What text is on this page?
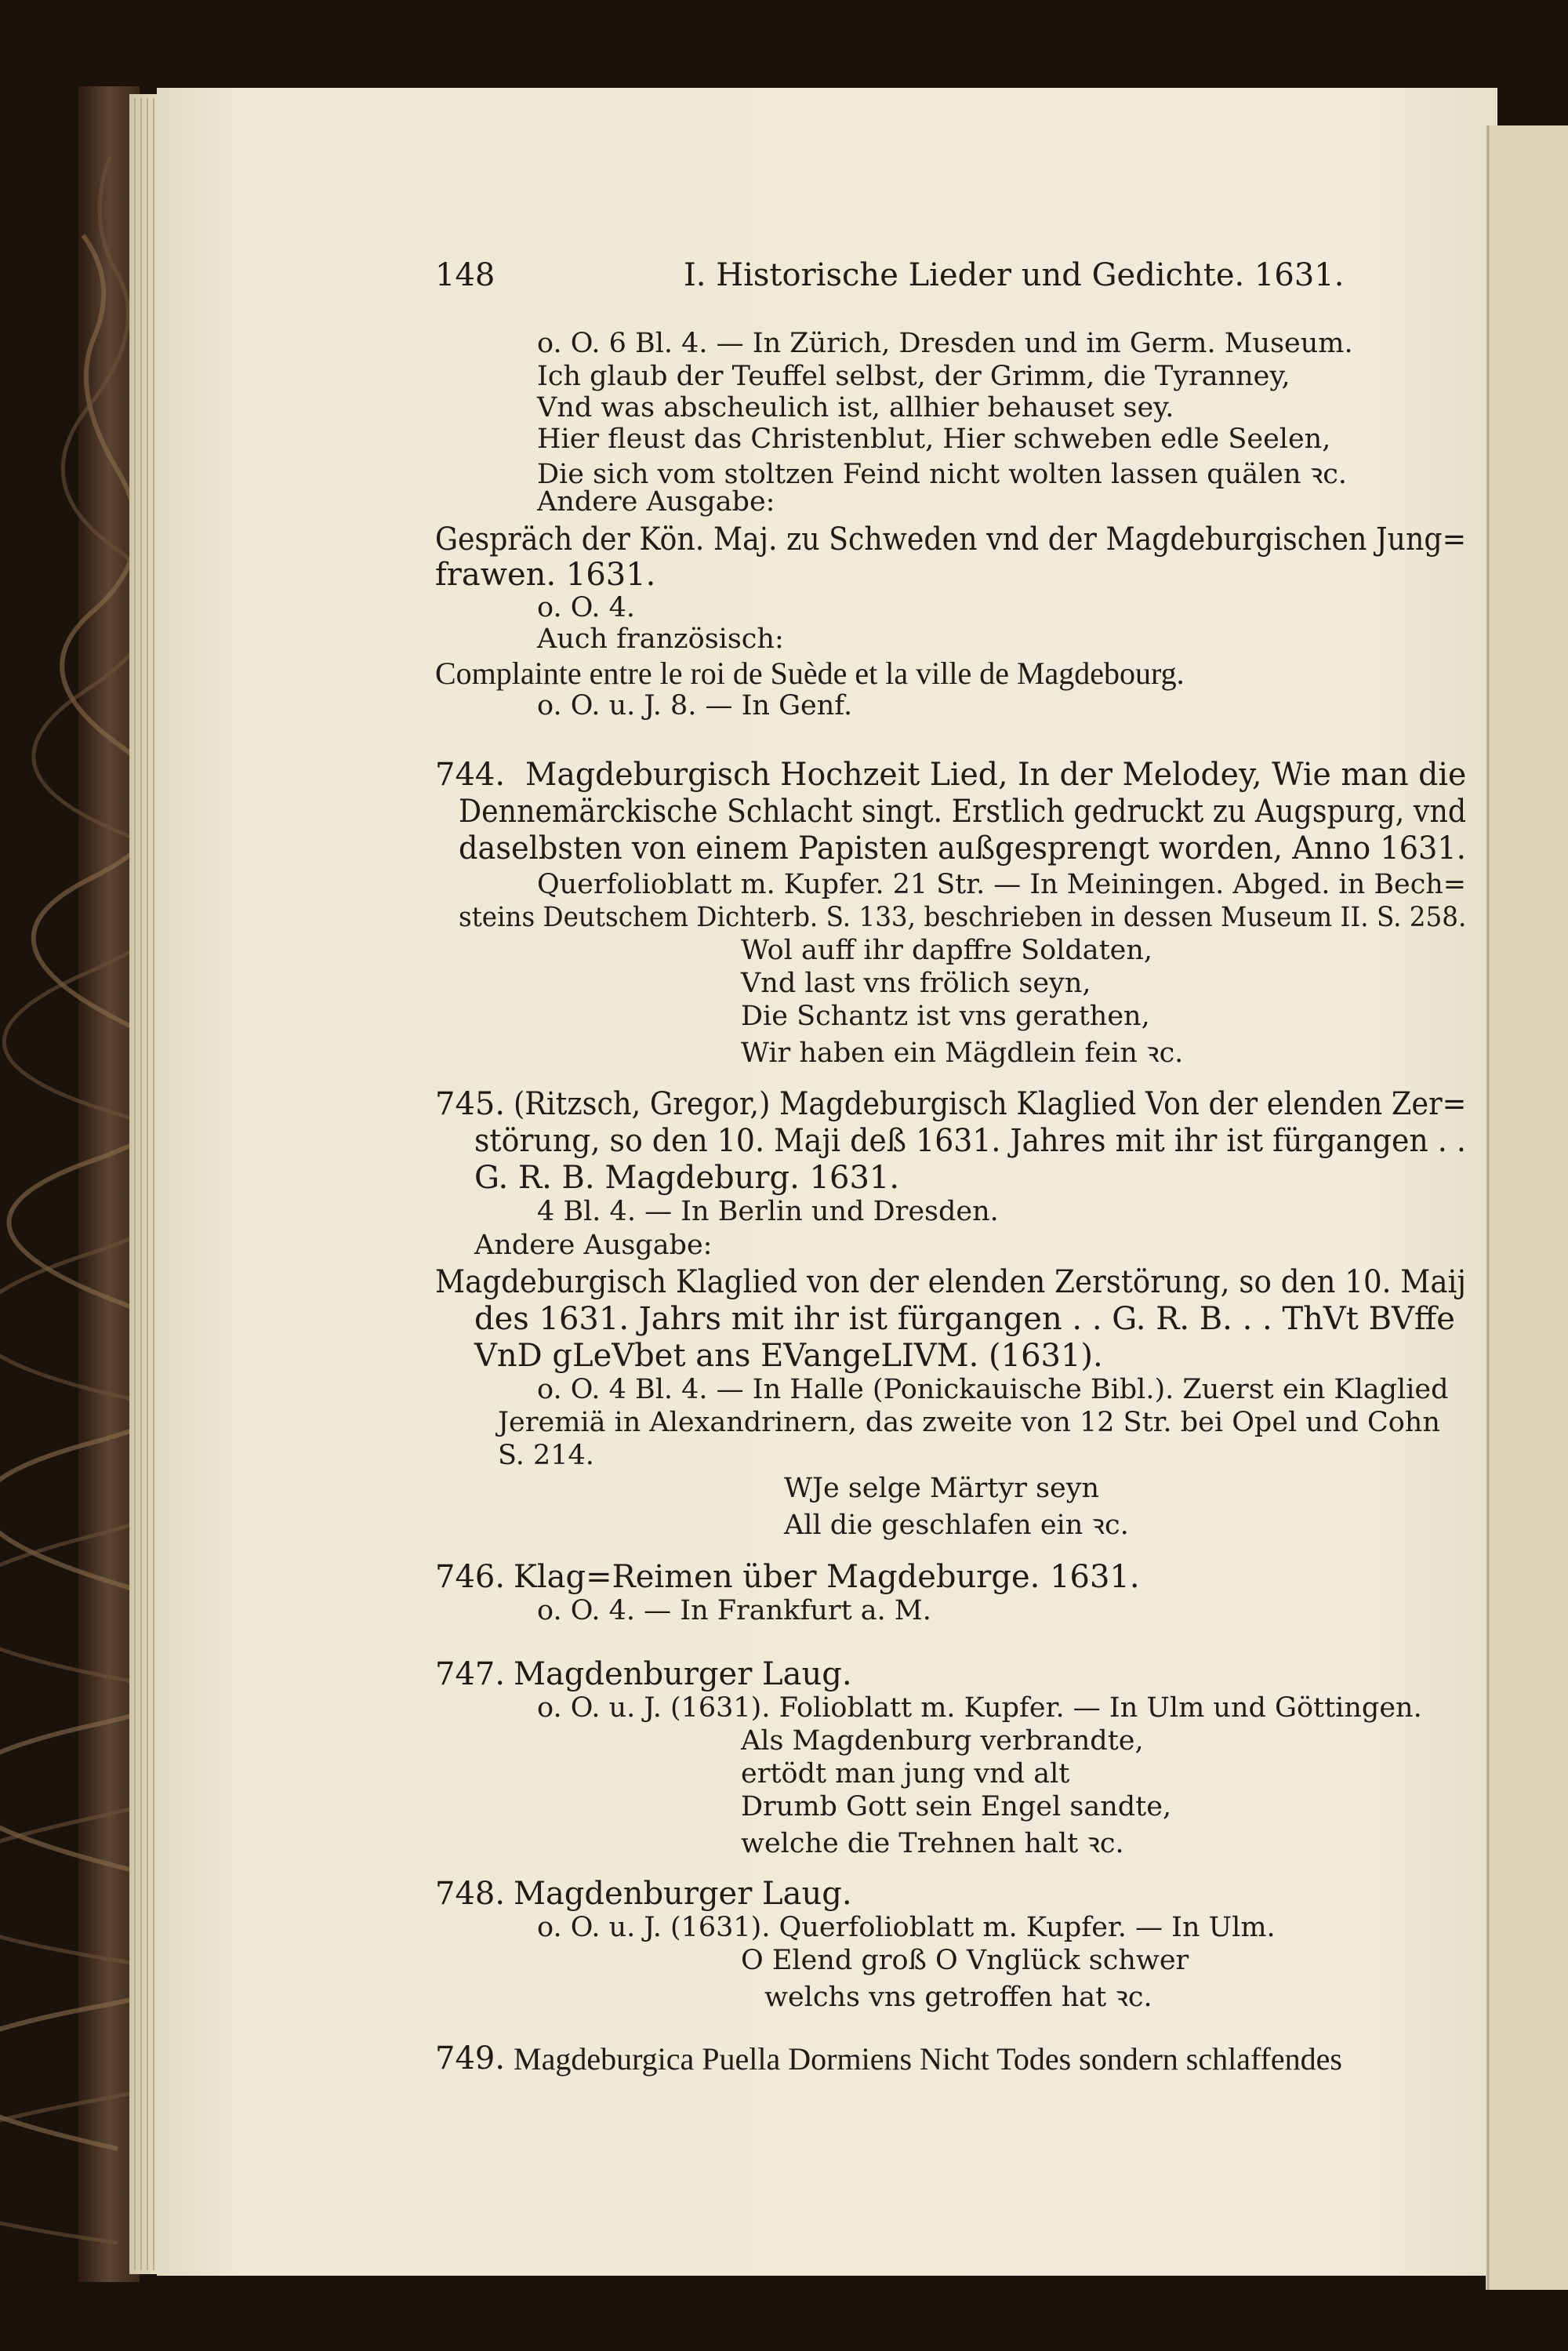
148	I. Historische Lieder und Gedichte. 1631.
o. O. 6 Bl. 4. — In Zürich, Dresden und im Germ. Museum.
Ich glaub der Teuffel selbst, der Grimm, die Tyranney,
Vnd was abscheulich ist, allhier behauset sey.
Hier fleust das Christenblut, Hier schweben edle Seelen,
Die sich vom stoltzen Feind nicht wolten lassen quälen ꝛc.
Andere Ausgabe:
Gespräch der Kön. Maj. zu Schweden vnd der Magdeburgischen Jung=
frawen. 1631.
o. O. 4.
Auch französisch:
Complainte entre le roi de Suède et la ville de Magdebourg.
o. O. u. J. 8. — In Genf.
744. Magdeburgisch Hochzeit Lied, In der Melodey, Wie man die
Dennemärckische Schlacht singt. Erstlich gedruckt zu Augspurg, vnd
daselbsten von einem Papisten außgesprengt worden, Anno 1631.
Querfolioblatt m. Kupfer. 21 Str. — In Meiningen. Abged. in Bech=
steins Deutschem Dichterb. S. 133, beschrieben in dessen Museum II. S. 258.
Wol auff ihr dapffre Soldaten,
Vnd last vns frölich seyn,
Die Schantz ist vns gerathen,
Wir haben ein Mägdlein fein ꝛc.
745. (Ritzsch, Gregor,) Magdeburgisch Klaglied Von der elenden Zer=
störung, so den 10. Maji deß 1631. Jahres mit ihr ist fürgangen . .
G. R. B. Magdeburg. 1631.
4 Bl. 4. — In Berlin und Dresden.
Andere Ausgabe:
Magdeburgisch Klaglied von der elenden Zerstörung, so den 10. Maij
des 1631. Jahrs mit ihr ist fürgangen . . G. R. B. . . ThVt BVffe
VnD gLeVbet ans EVangeLIVM. (1631).
o. O. 4 Bl. 4. — In Halle (Ponickauische Bibl.). Zuerst ein Klaglied
Jeremiä in Alexandrinern, das zweite von 12 Str. bei Opel und Cohn
S. 214.
WJe selge Märtyr seyn
All die geschlafen ein ꝛc.
746. Klag=Reimen über Magdeburge. 1631.
o. O. 4. — In Frankfurt a. M.
747. Magdenburger Laug.
o. O. u. J. (1631). Folioblatt m. Kupfer. — In Ulm und Göttingen.
Als Magdenburg verbrandte,
ertödt man jung vnd alt
Drumb Gott sein Engel sandte,
welche die Trehnen halt ꝛc.
748. Magdenburger Laug.
o. O. u. J. (1631). Querfolioblatt m. Kupfer. — In Ulm.
O Elend groß O Vnglück schwer
welchs vns getroffen hat ꝛc.
749. Magdeburgica Puella Dormiens Nicht Todes sondern schlaffendes
